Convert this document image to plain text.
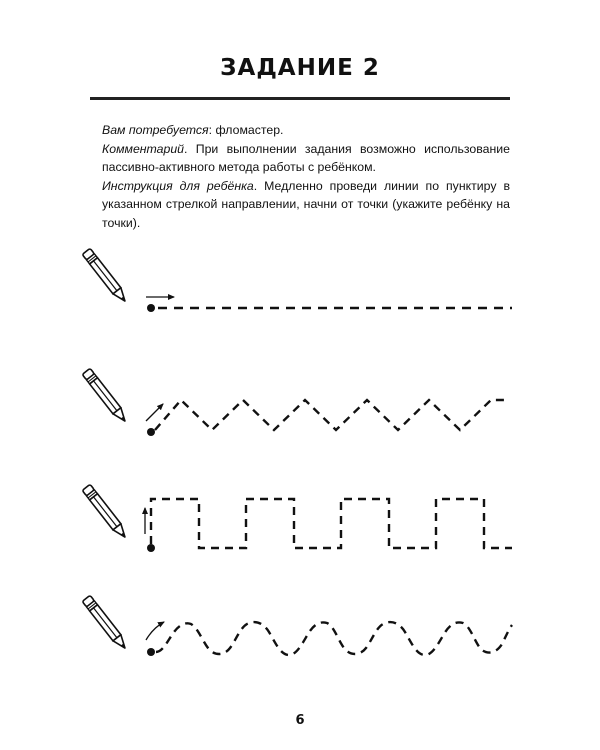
ЗАДАНИЕ 2

Вам потребуется: фломастер.

Комментарий. При выполнении задания возможно использование пассивно-активного метода работы с ребёнком.

Инструкция для ребёнка. Медленно проведи линии по пунктиру в указанном стрелкой направлении, начни от точки (укажите ребёнку на точки).

6
